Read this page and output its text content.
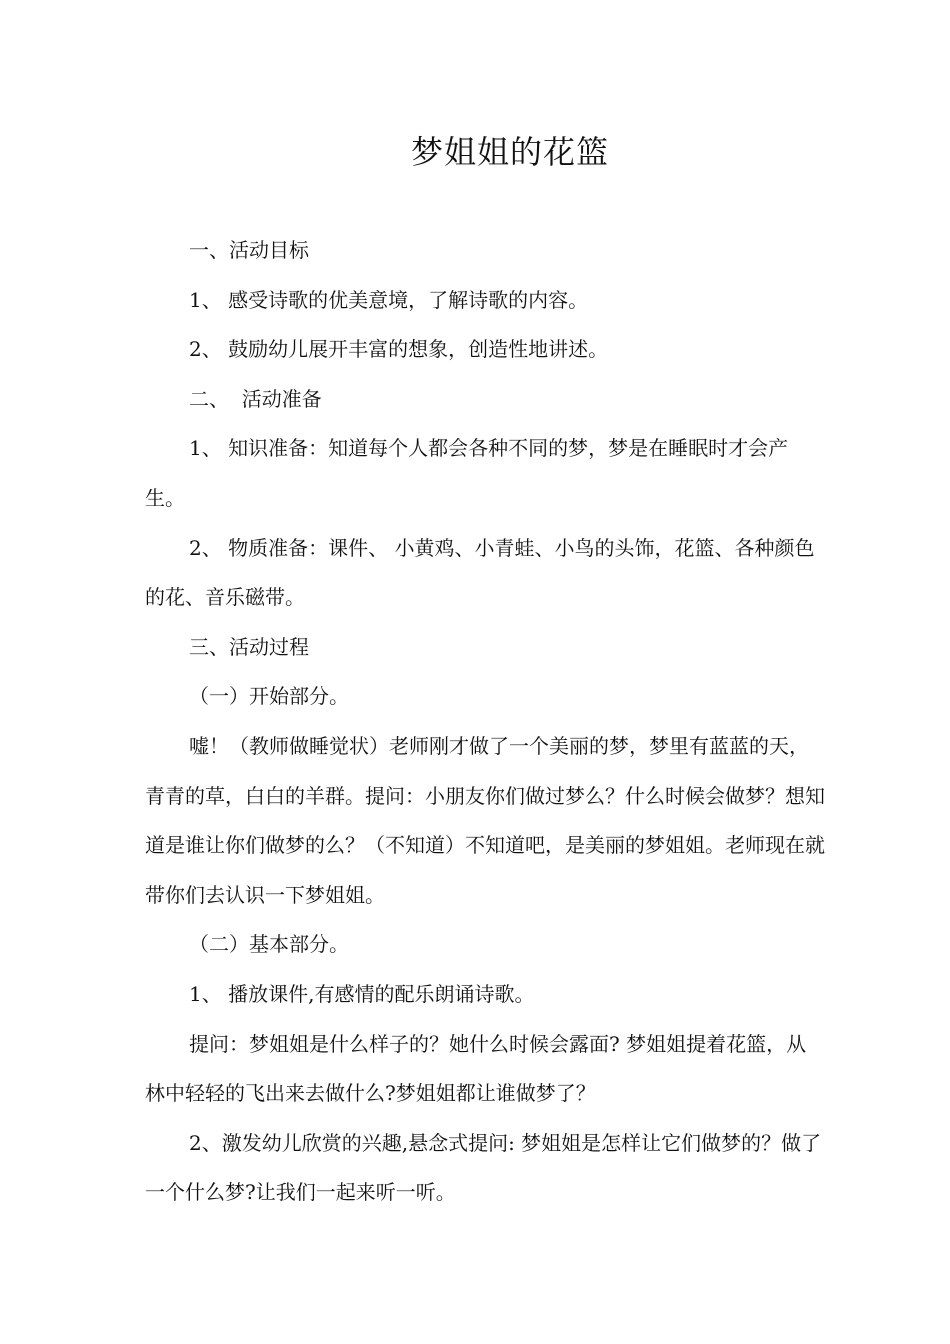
梦姐姐的花篮

一、活动目标

1、 感受诗歌的优美意境，了解诗歌的内容。

2、 鼓励幼儿展开丰富的想象，创造性地讲述。

二、  活动准备

1、 知识准备：知道每个人都会各种不同的梦，梦是在睡眠时才会产生。

2、 物质准备：课件、 小黄鸡、小青蛙、小鸟的头饰，花篮、各种颜色的花、音乐磁带。

三、活动过程

（一）开始部分。

嘘！（教师做睡觉状）老师刚才做了一个美丽的梦，梦里有蓝蓝的天，青青的草，白白的羊群。提问：小朋友你们做过梦么？什么时候会做梦？想知道是谁让你们做梦的么？（不知道）不知道吧，是美丽的梦姐姐。老师现在就带你们去认识一下梦姐姐。

（二）基本部分。

1、 播放课件,有感情的配乐朗诵诗歌。

提问：梦姐姐是什么样子的？她什么时候会露面? 梦姐姐提着花篮，从林中轻轻的飞出来去做什么?梦姐姐都让谁做梦了？

2、激发幼儿欣赏的兴趣,悬念式提问: 梦姐姐是怎样让它们做梦的？做了一个什么梦?让我们一起来听一听。
